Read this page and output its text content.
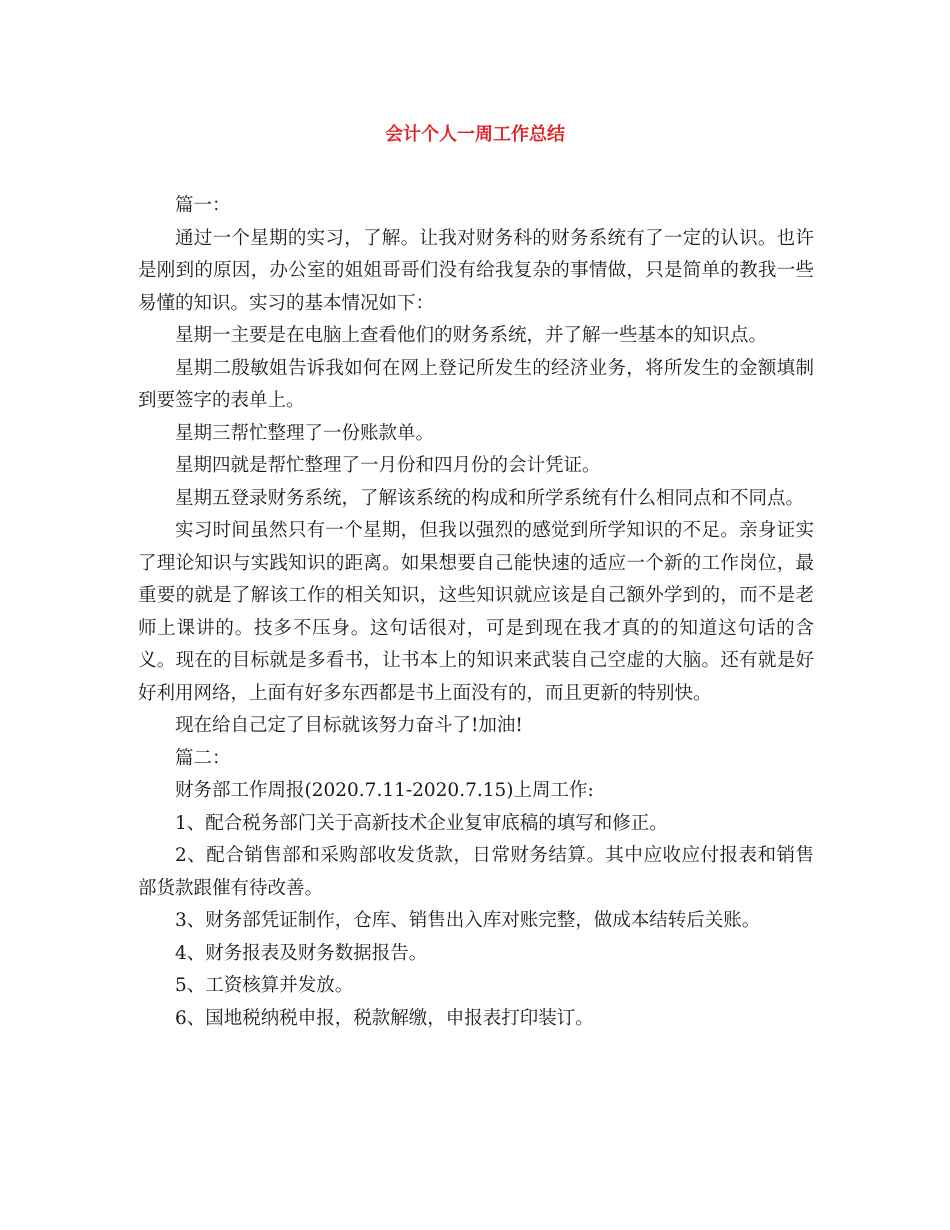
会计个人一周工作总结

篇一：

通过一个星期的实习，了解。让我对财务科的财务系统有了一定的认识。也许是刚到的原因，办公室的姐姐哥哥们没有给我复杂的事情做，只是简单的教我一些易懂的知识。实习的基本情况如下：

星期一主要是在电脑上查看他们的财务系统，并了解一些基本的知识点。

星期二殷敏姐告诉我如何在网上登记所发生的经济业务，将所发生的金额填制到要签字的表单上。

星期三帮忙整理了一份账款单。

星期四就是帮忙整理了一月份和四月份的会计凭证。

星期五登录财务系统，了解该系统的构成和所学系统有什么相同点和不同点。

实习时间虽然只有一个星期，但我以强烈的感觉到所学知识的不足。亲身证实了理论知识与实践知识的距离。如果想要自己能快速的适应一个新的工作岗位，最重要的就是了解该工作的相关知识，这些知识就应该是自己额外学到的，而不是老师上课讲的。技多不压身。这句话很对，可是到现在我才真的的知道这句话的含义。现在的目标就是多看书，让书本上的知识来武装自己空虚的大脑。还有就是好好利用网络，上面有好多东西都是书上面没有的，而且更新的特别快。

现在给自己定了目标就该努力奋斗了!加油!

篇二：

财务部工作周报(2020.7.11-2020.7.15)上周工作:

1、配合税务部门关于高新技术企业复审底稿的填写和修正。

2、配合销售部和采购部收发货款，日常财务结算。其中应收应付报表和销售部货款跟催有待改善。

3、财务部凭证制作，仓库、销售出入库对账完整，做成本结转后关账。

4、财务报表及财务数据报告。

5、工资核算并发放。

6、国地税纳税申报，税款解缴，申报表打印装订。
